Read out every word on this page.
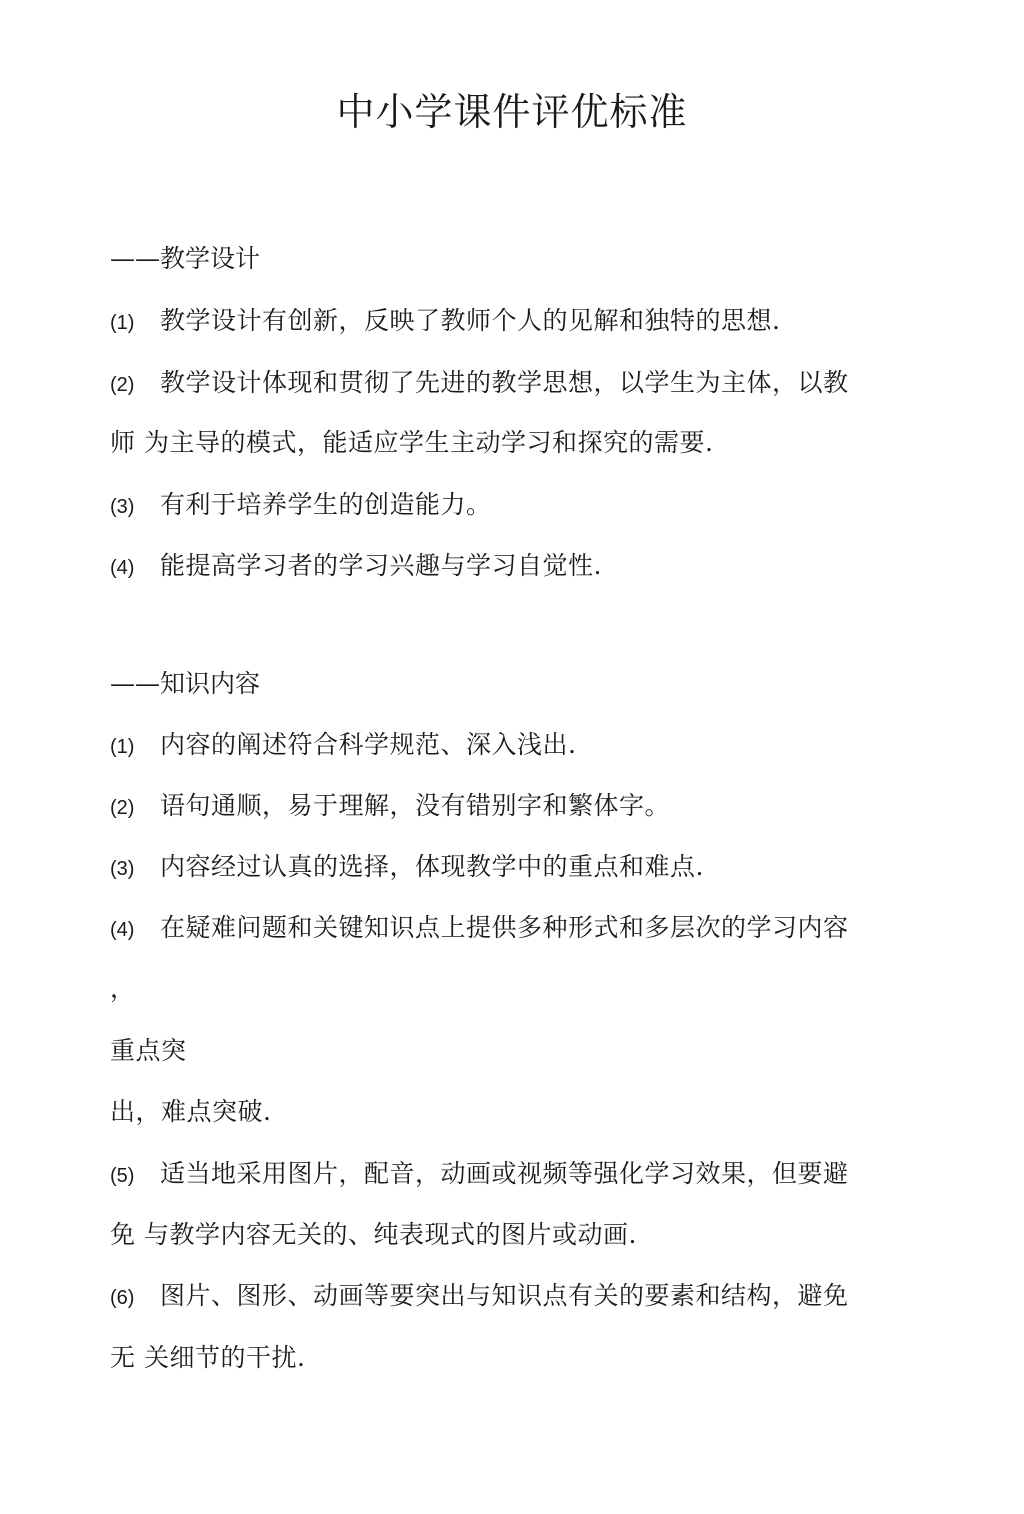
中小学课件评优标准
——教学设计
(1) 教学设计有创新，反映了教师个人的见解和独特的思想.
(2) 教学设计体现和贯彻了先进的教学思想，以学生为主体，以教
师 为主导的模式，能适应学生主动学习和探究的需要.
(3) 有利于培养学生的创造能力。
(4) 能提高学习者的学习兴趣与学习自觉性.
——知识内容
(1) 内容的阐述符合科学规范、深入浅出.
(2) 语句通顺，易于理解，没有错别字和繁体字。
(3) 内容经过认真的选择，体现教学中的重点和难点.
(4) 在疑难问题和关键知识点上提供多种形式和多层次的学习内容
，
重点突
出，难点突破.
(5) 适当地采用图片，配音，动画或视频等强化学习效果，但要避
免 与教学内容无关的、纯表现式的图片或动画.
(6) 图片、图形、动画等要突出与知识点有关的要素和结构，避免
无 关细节的干扰.
